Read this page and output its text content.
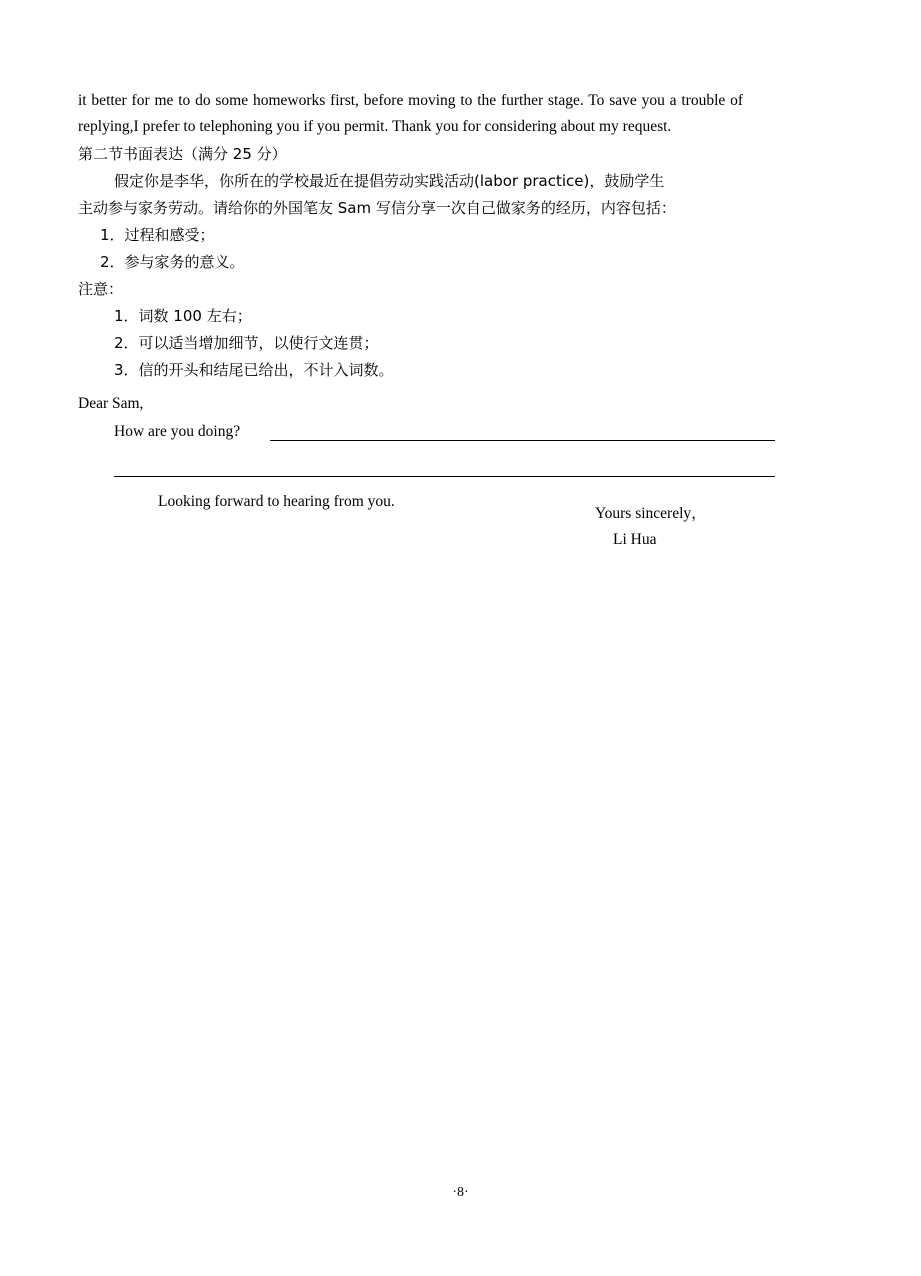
it better for me to do some homeworks first, before moving to the further stage. To save you a trouble of replying,I prefer to telephoning you if you permit. Thank you for considering about my request.

第二节书面表达（满分 25 分）

假定你是李华，你所在的学校最近在提倡劳动实践活动(labor practice)，鼓励学生

主动参与家务劳动。请给你的外国笔友 Sam 写信分享一次自己做家务的经历，内容包括：

1．过程和感受；

2．参与家务的意义。

注意：

1．词数 100 左右；

2．可以适当增加细节，以使行文连贯；

3．信的开头和结尾已给出，不计入词数。

Dear Sam,

How are you doing?
Looking forward to hearing from you.

Yours sincerely，

Li Hua

·8·
